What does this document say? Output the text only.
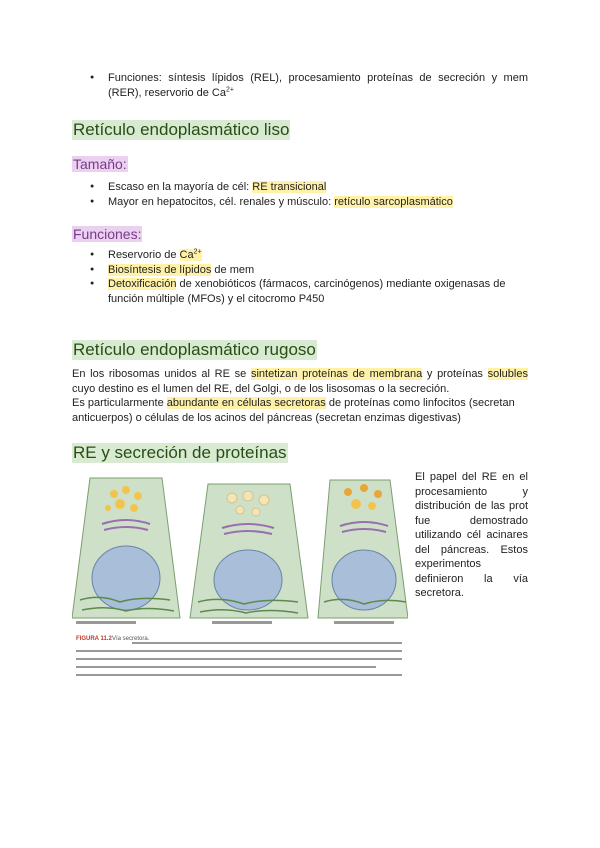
● Funciones: síntesis lípidos (REL), procesamiento proteínas de secreción y mem (RER), reservorio de $Ca^{2+}$
Retículo endoplasmático liso
Tamaño:
● Escaso en la mayoría de cél: RE transicional
● Mayor en hepatocitos, cél. renales y músculo: retículo sarcoplasmático
Funciones:
● Reservorio de $Ca^{2+}$
● Biosíntesis de lípidos de mem
● Detoxificación de xenobióticos (fármacos, carcinógenos) mediante oxigenasas de función múltiple (MFOs) y el citocromo P450
Retículo endoplasmático rugoso
En los ribosomas unidos al RE se sintetizan proteínas de membrana y proteínas solubles cuyo destino es el lumen del RE, del Golgi, o de los lisosomas o la secreción.
Es particularmente abundante en células secretoras de proteínas como linfocitos (secretan anticuerpos) o células de los acinos del páncreas (secretan enzimas digestivas)
RE y secreción de proteínas
FIGURA 11.2 Vía secretora.
El papel del RE en el procesamiento y distribución de las prot fue demostrado utilizando cél acinares del páncreas. Estos experimentos definieron la vía secretora.
